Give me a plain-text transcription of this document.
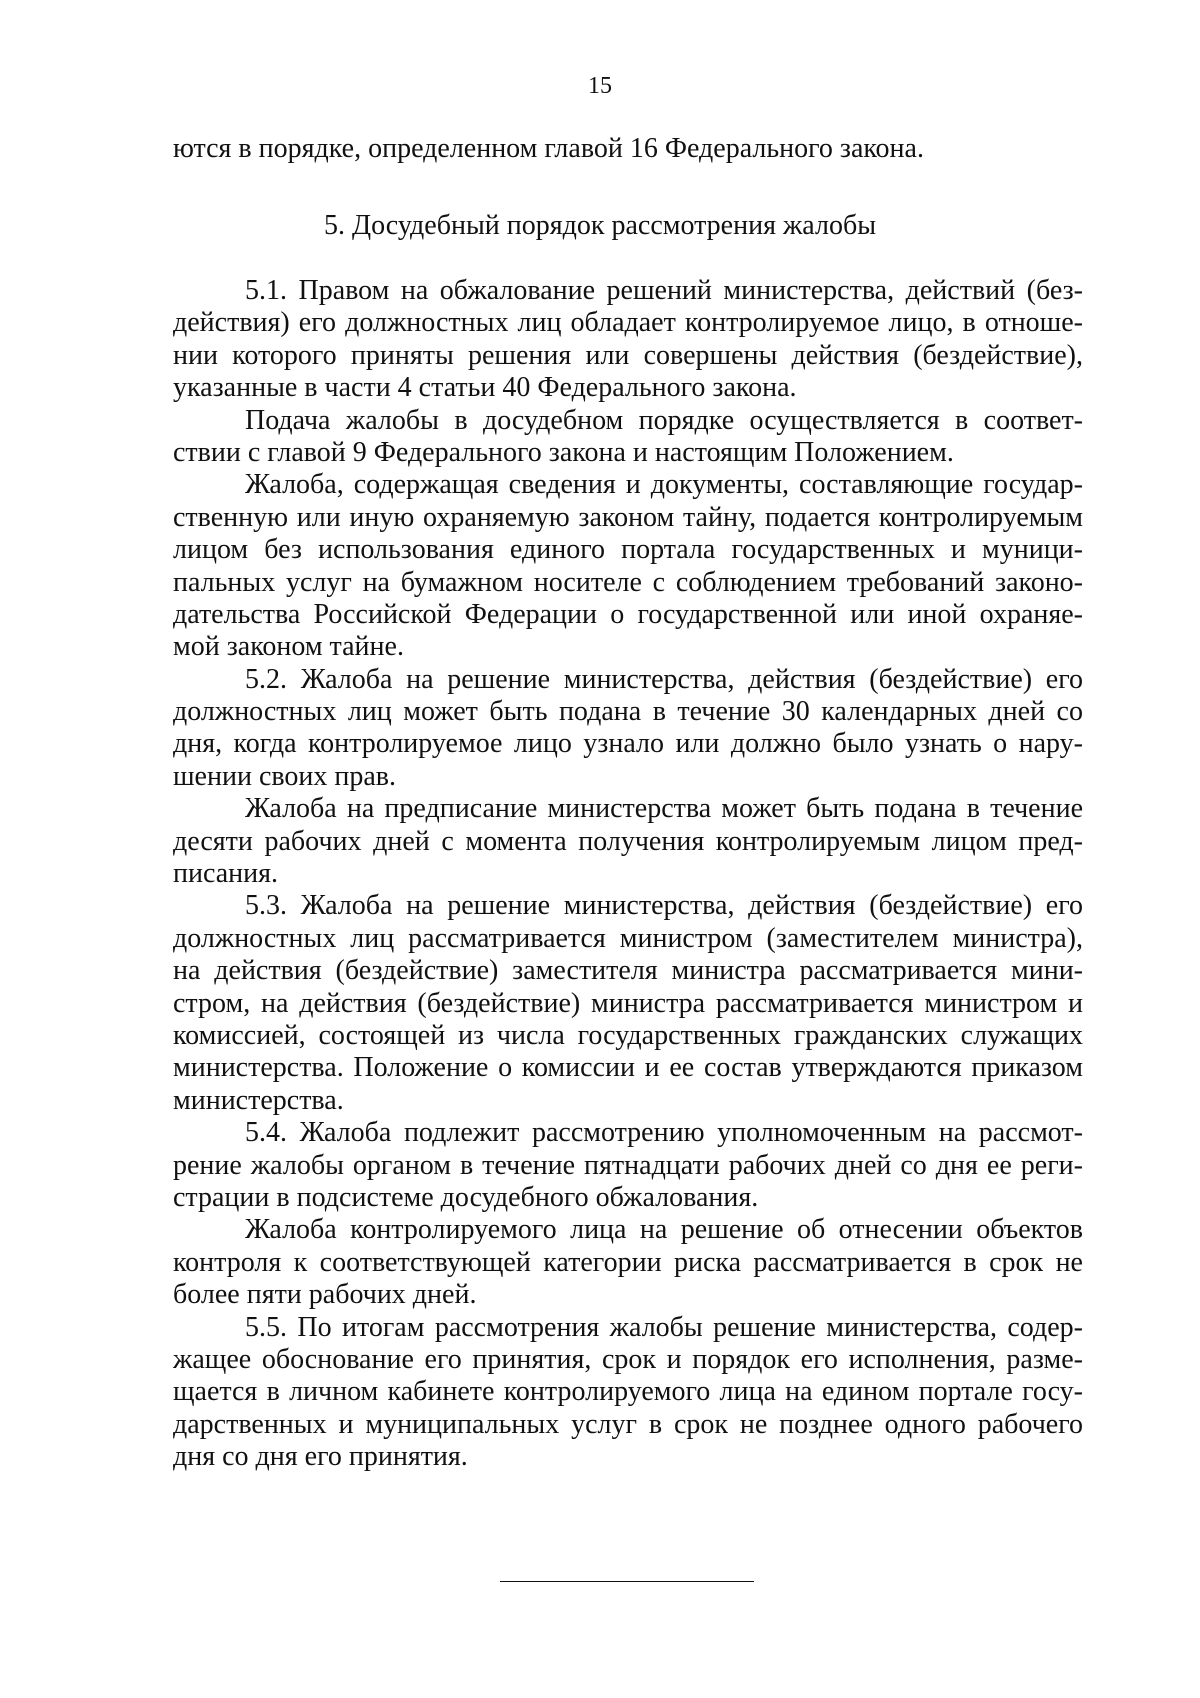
15
ются в порядке, определенном главой 16 Федерального закона.
5. Досудебный порядок рассмотрения жалобы
5.1. Правом на обжалование решений министерства, действий (без-
действия) его должностных лиц обладает контролируемое лицо, в отноше-
нии которого приняты решения или совершены действия (бездействие),
указанные в части 4 статьи 40 Федерального закона.
Подача жалобы в досудебном порядке осуществляется в соответ-
ствии с главой 9 Федерального закона и настоящим Положением.
Жалоба, содержащая сведения и документы, составляющие государ-
ственную или иную охраняемую законом тайну, подается контролируемым
лицом без использования единого портала государственных и муници-
пальных услуг на бумажном носителе с соблюдением требований законо-
дательства Российской Федерации о государственной или иной охраняе-
мой законом тайне.
5.2. Жалоба на решение министерства, действия (бездействие) его
должностных лиц может быть подана в течение 30 календарных дней со
дня, когда контролируемое лицо узнало или должно было узнать о нару-
шении своих прав.
Жалоба на предписание министерства может быть подана в течение
десяти рабочих дней с момента получения контролируемым лицом пред-
писания.
5.3. Жалоба на решение министерства, действия (бездействие) его
должностных лиц рассматривается министром (заместителем министра),
на действия (бездействие) заместителя министра рассматривается мини-
стром, на действия (бездействие) министра рассматривается министром и
комиссией, состоящей из числа государственных гражданских служащих
министерства. Положение о комиссии и ее состав утверждаются приказом
министерства.
5.4. Жалоба подлежит рассмотрению уполномоченным на рассмот-
рение жалобы органом в течение пятнадцати рабочих дней со дня ее реги-
страции в подсистеме досудебного обжалования.
Жалоба контролируемого лица на решение об отнесении объектов
контроля к соответствующей категории риска рассматривается в срок не
более пяти рабочих дней.
5.5. По итогам рассмотрения жалобы решение министерства, содер-
жащее обоснование его принятия, срок и порядок его исполнения, разме-
щается в личном кабинете контролируемого лица на едином портале госу-
дарственных и муниципальных услуг в срок не позднее одного рабочего
дня со дня его принятия.
